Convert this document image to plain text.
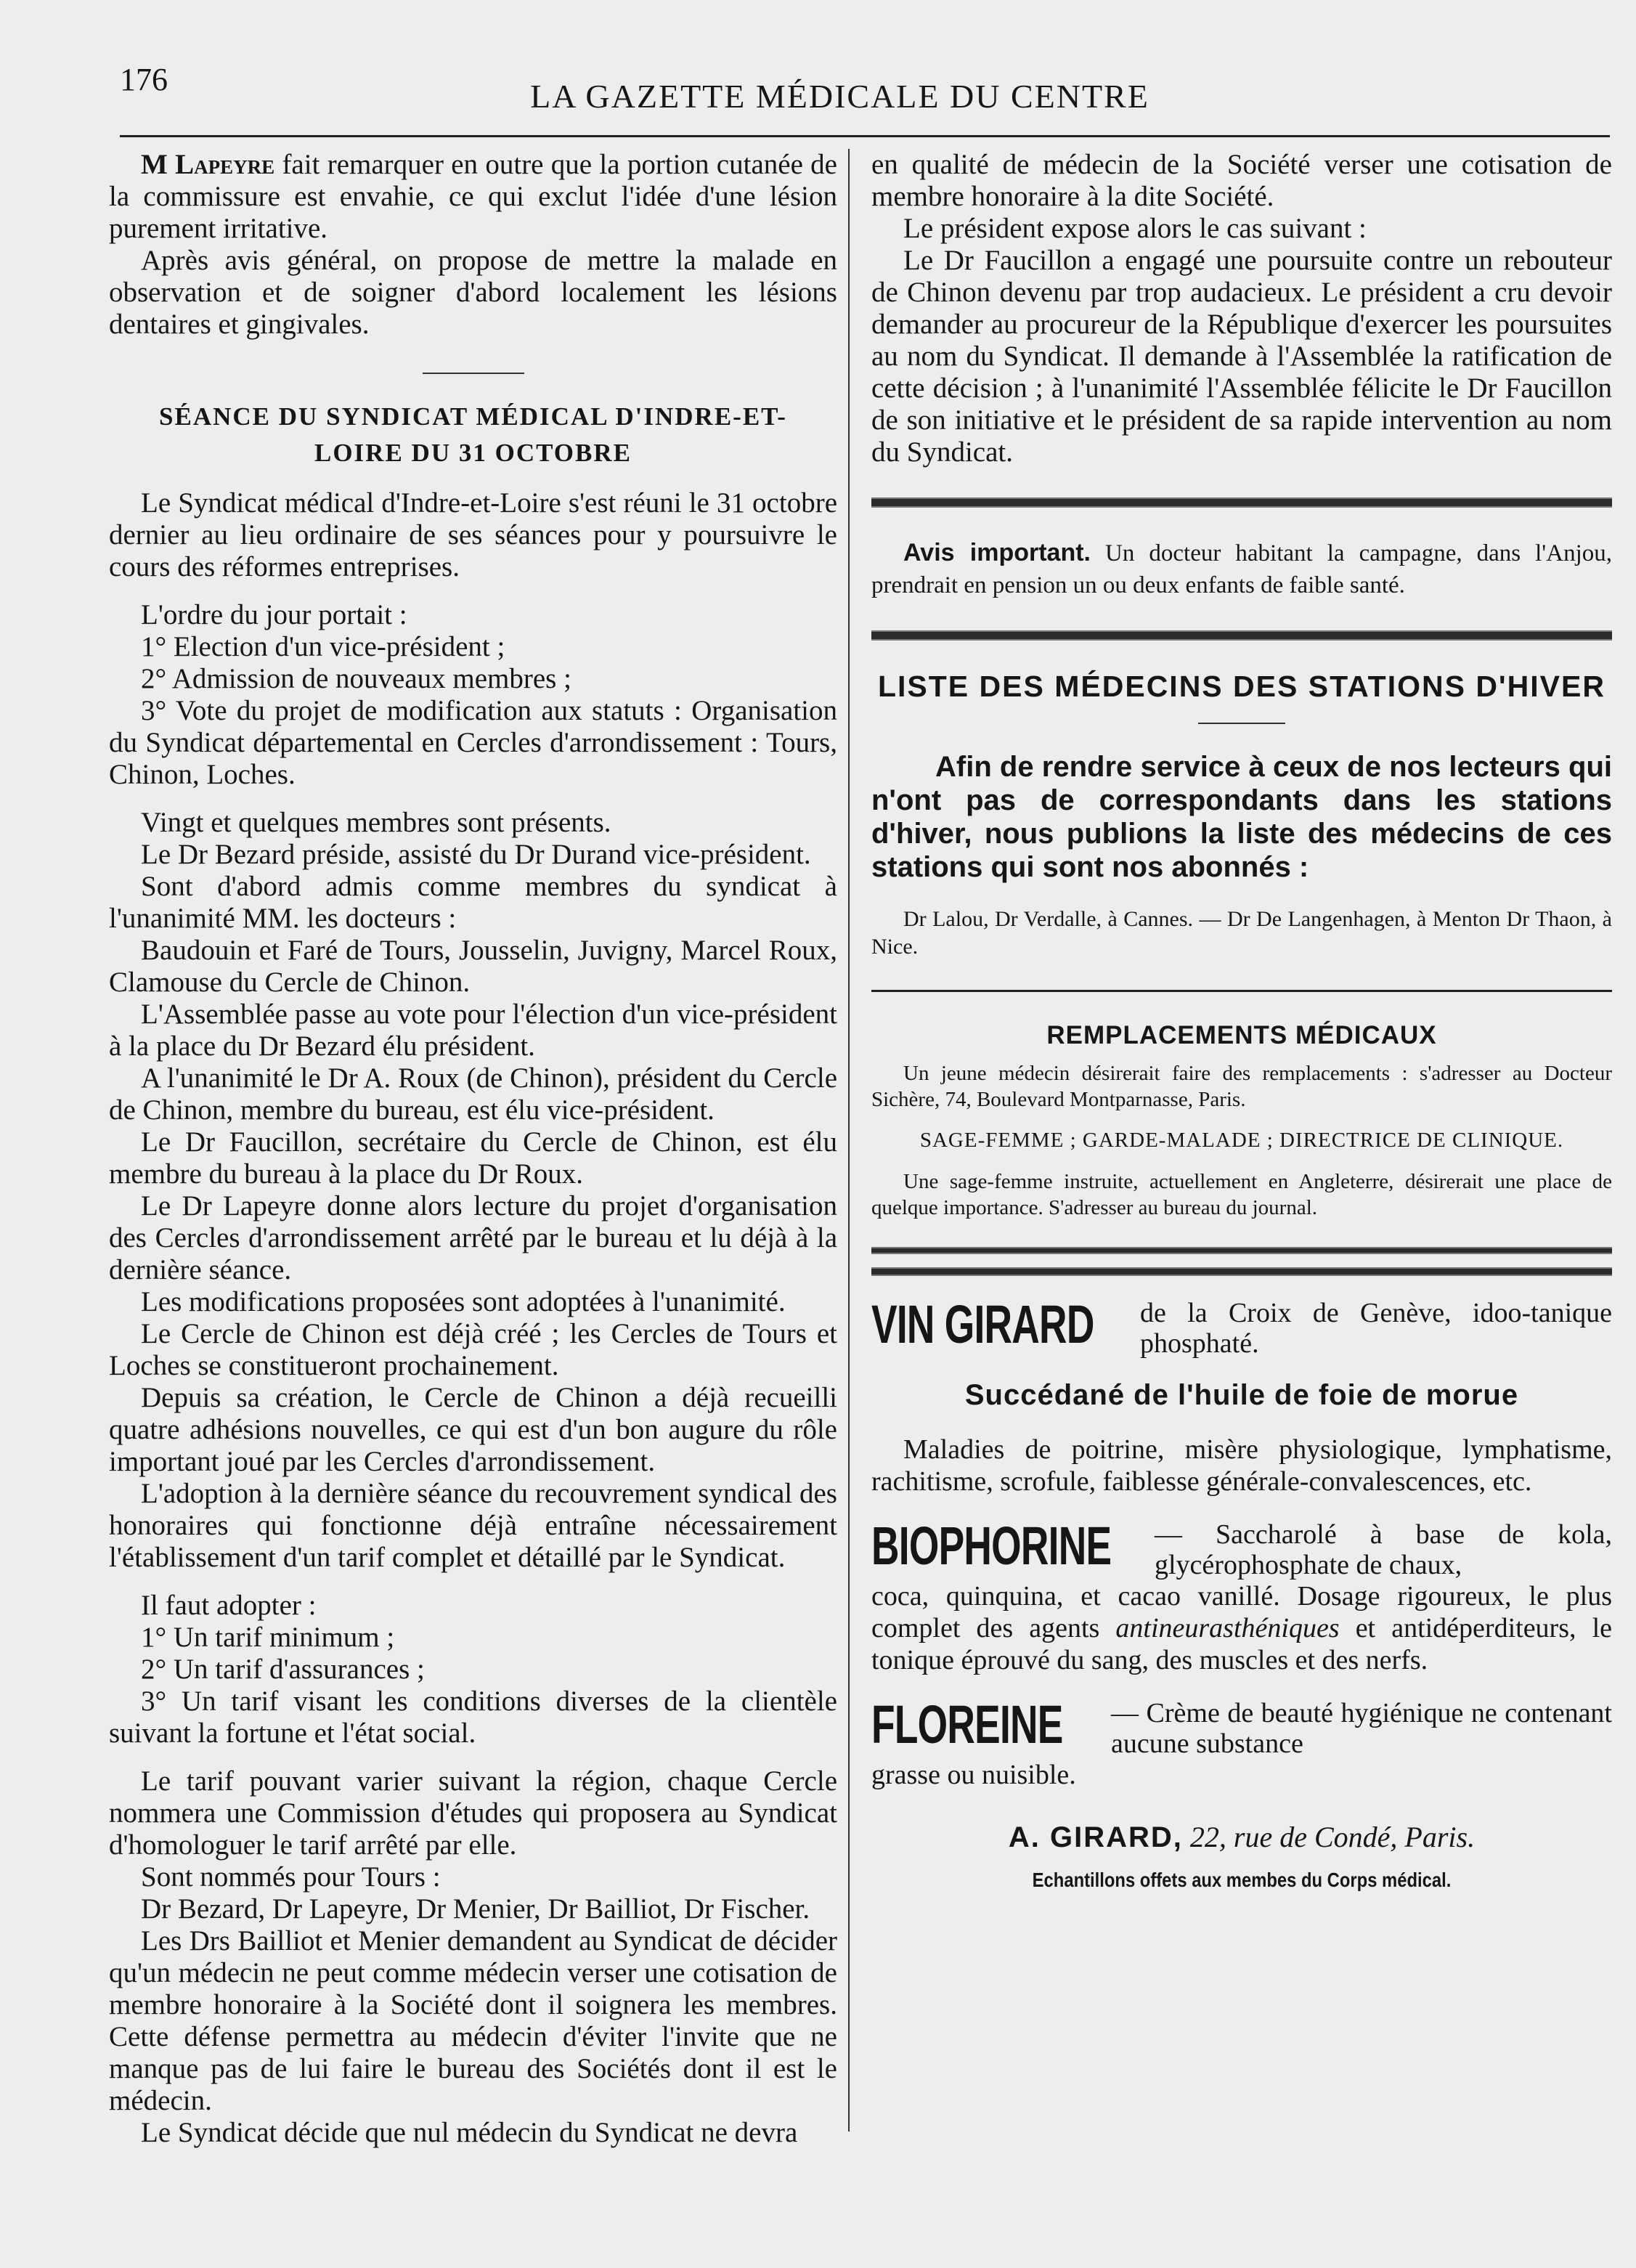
176	LA GAZETTE MÉDICALE DU CENTRE

M Lapeyre fait remarquer en outre que la portion cutanée de la commissure est envahie, ce qui exclut l'idée d'une lésion purement irritative.

Après avis général, on propose de mettre la malade en observation et de soigner d'abord localement les lésions dentaires et gingivales.

SÉANCE DU SYNDICAT MÉDICAL D'INDRE-ET-
LOIRE DU 31 OCTOBRE

Le Syndicat médical d'Indre-et-Loire s'est réuni le 31 octobre dernier au lieu ordinaire de ses séances pour y poursuivre le cours des réformes entreprises.

L'ordre du jour portait :

1° Election d'un vice-président ;

2° Admission de nouveaux membres ;

3° Vote du projet de modification aux statuts : Organisation du Syndicat départemental en Cercles d'arrondissement : Tours, Chinon, Loches.

Vingt et quelques membres sont présents.

Le Dr Bezard préside, assisté du Dr Durand vice-président.

Sont d'abord admis comme membres du syndicat à l'unanimité MM. les docteurs :

Baudouin et Faré de Tours, Jousselin, Juvigny, Marcel Roux, Clamouse du Cercle de Chinon.

L'Assemblée passe au vote pour l'élection d'un vice-président à la place du Dr Bezard élu président.

A l'unanimité le Dr A. Roux (de Chinon), président du Cercle de Chinon, membre du bureau, est élu vice-président.

Le Dr Faucillon, secrétaire du Cercle de Chinon, est élu membre du bureau à la place du Dr Roux.

Le Dr Lapeyre donne alors lecture du projet d'organisation des Cercles d'arrondissement arrêté par le bureau et lu déjà à la dernière séance.

Les modifications proposées sont adoptées à l'unanimité.

Le Cercle de Chinon est déjà créé ; les Cercles de Tours et Loches se constitueront prochainement.

Depuis sa création, le Cercle de Chinon a déjà recueilli quatre adhésions nouvelles, ce qui est d'un bon augure du rôle important joué par les Cercles d'arrondissement.

L'adoption à la dernière séance du recouvrement syndical des honoraires qui fonctionne déjà entraîne nécessairement l'établissement d'un tarif complet et détaillé par le Syndicat.

Il faut adopter :

1° Un tarif minimum ;

2° Un tarif d'assurances ;

3° Un tarif visant les conditions diverses de la clientèle suivant la fortune et l'état social.

Le tarif pouvant varier suivant la région, chaque Cercle nommera une Commission d'études qui proposera au Syndicat d'homologuer le tarif arrêté par elle.

Sont nommés pour Tours :

Dr Bezard, Dr Lapeyre, Dr Menier, Dr Bailliot, Dr Fischer.

Les Drs Bailliot et Menier demandent au Syndicat de décider qu'un médecin ne peut comme médecin verser une cotisation de membre honoraire à la Société dont il soignera les membres. Cette défense permettra au médecin d'éviter l'invite que ne manque pas de lui faire le bureau des Sociétés dont il est le médecin.

Le Syndicat décide que nul médecin du Syndicat ne devra

en qualité de médecin de la Société verser une cotisation de membre honoraire à la dite Société.

Le président expose alors le cas suivant :

Le Dr Faucillon a engagé une poursuite contre un rebouteur de Chinon devenu par trop audacieux. Le président a cru devoir demander au procureur de la République d'exercer les poursuites au nom du Syndicat. Il demande à l'Assemblée la ratification de cette décision ; à l'unanimité l'Assemblée félicite le Dr Faucillon de son initiative et le président de sa rapide intervention au nom du Syndicat.

Avis important. Un docteur habitant la campagne, dans l'Anjou, prendrait en pension un ou deux enfants de faible santé.

LISTE DES MÉDECINS DES STATIONS D'HIVER

Afin de rendre service à ceux de nos lecteurs qui n'ont pas de correspondants dans les stations d'hiver, nous publions la liste des médecins de ces stations qui sont nos abonnés :

Dr Lalou, Dr Verdalle, à Cannes. — Dr De Langenhagen, à Menton Dr Thaon, à Nice.

REMPLACEMENTS MÉDICAUX

Un jeune médecin désirerait faire des remplacements : s'adresser au Docteur Sichère, 74, Boulevard Montparnasse, Paris.

SAGE-FEMME ; GARDE-MALADE ; DIRECTRICE DE CLINIQUE.

Une sage-femme instruite, actuellement en Angleterre, désirerait une place de quelque importance. S'adresser au bureau du journal.

VIN GIRARD	de la Croix de Genève, idoo-tanique phosphaté.
Succédané de l'huile de foie de morue

Maladies de poitrine, misère physiologique, lymphatisme, rachitisme, scrofule, faiblesse générale-convalescences, etc.

BIOPHORINE	— Saccharolé à base de kola, glycérophosphate de chaux,

coca, quinquina, et cacao vanillé. Dosage rigoureux, le plus complet des agents antineurasthéniques et antidéperditeurs, le tonique éprouvé du sang, des muscles et des nerfs.

FLOREINE	— Crème de beauté hygiénique ne contenant aucune substance

grasse ou nuisible.

A. GIRARD, 22, rue de Condé, Paris.
Echantillons offets aux membes du Corps médical.
